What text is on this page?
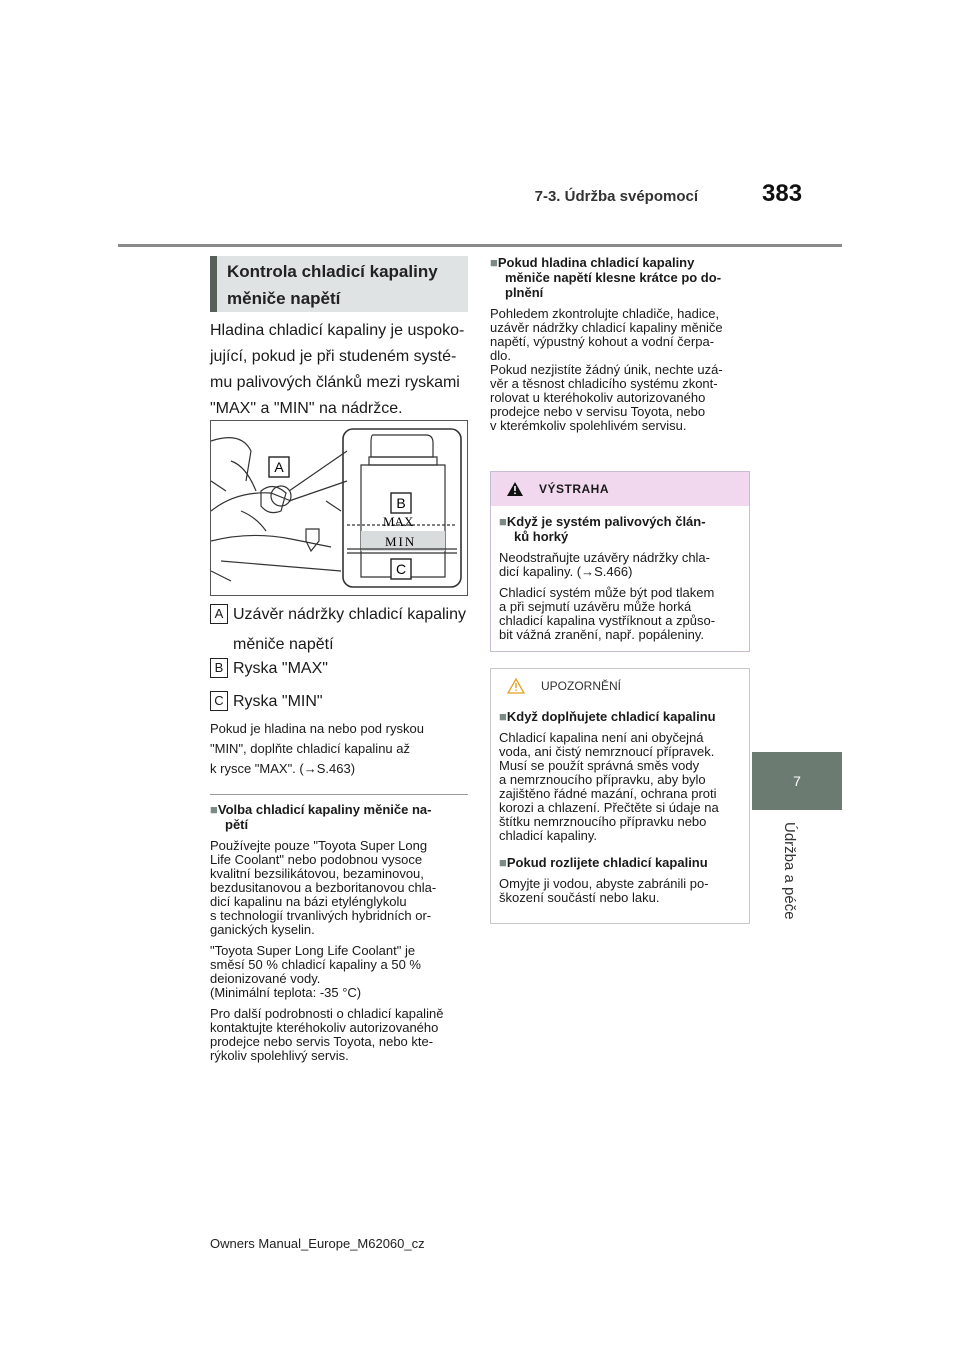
7-3. Údržba svépomocí	383
7
Údržba a péče
Kontrola chladicí kapaliny
měniče napětí
Hladina chladicí kapaliny je uspoko-
jující, pokud je při studeném systé-
mu palivových článků mezi ryskami
"MAX" a "MIN" na nádržce.
A
B
MAX
MIN
C
A Uzávěr nádržky chladicí kapaliny
měniče napětí
B Ryska "MAX"
C Ryska "MIN"
Pokud je hladina na nebo pod ryskou
"MIN", doplňte chladicí kapalinu až
k rysce "MAX". (→S.463)
■Volba chladicí kapaliny měniče na-
pětí

Používejte pouze "Toyota Super Long
Life Coolant" nebo podobnou vysoce
kvalitní bezsilikátovou, bezaminovou,
bezdusitanovou a bezboritanovou chla-
dicí kapalinu na bázi etylénglykolu
s technologií trvanlivých hybridních or-
ganických kyselin.

"Toyota Super Long Life Coolant" je
směsí 50 % chladicí kapaliny a 50 %
deionizované vody.
(Minimální teplota: -35 °C)

Pro další podrobnosti o chladicí kapalině
kontaktujte kteréhokoliv autorizovaného
prodejce nebo servis Toyota, nebo kte-
rýkoliv spolehlivý servis.

■Pokud hladina chladicí kapaliny
měniče napětí klesne krátce po do-
plnění

Pohledem zkontrolujte chladiče, hadice,
uzávěr nádržky chladicí kapaliny měniče
napětí, výpustný kohout a vodní čerpa-
dlo.
Pokud nezjistíte žádný únik, nechte uzá-
věr a těsnost chladicího systému zkont-
rolovat u kteréhokoliv autorizovaného
prodejce nebo v servisu Toyota, nebo
v kterémkoliv spolehlivém servisu.

VÝSTRAHA
■Když je systém palivových člán-
ků horký

Neodstraňujte uzávěry nádržky chla-
dicí kapaliny. (→S.466)

Chladicí systém může být pod tlakem
a při sejmutí uzávěru může horká
chladicí kapalina vystříknout a způso-
bit vážná zranění, např. popáleniny.

UPOZORNĚNÍ
■Když doplňujete chladicí kapalinu

Chladicí kapalina není ani obyčejná
voda, ani čistý nemrznoucí přípravek.
Musí se použít správná směs vody
a nemrznoucího přípravku, aby bylo
zajištěno řádné mazání, ochrana proti
korozi a chlazení. Přečtěte si údaje na
štítku nemrznoucího přípravku nebo
chladicí kapaliny.

■Pokud rozlijete chladicí kapalinu

Omyjte ji vodou, abyste zabránili po-
škození součástí nebo laku.

Owners Manual_Europe_M62060_cz
